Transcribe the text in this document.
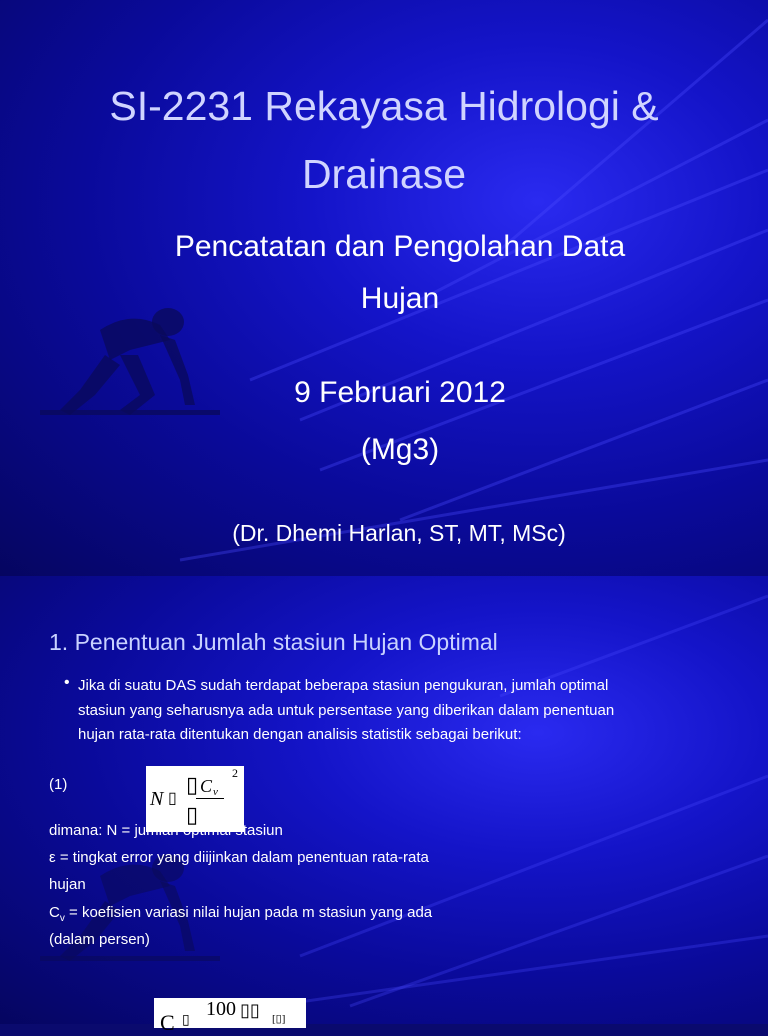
SI-2231 Rekayasa Hidrologi &
Drainase
Pencatatan dan Pengolahan Data
Hujan
9 Februari 2012
(Mg3)
(Dr. Dhemi Harlan, ST, MT, MSc)
1. Penentuan Jumlah stasiun Hujan Optimal
• Jika di suatu DAS sudah terdapat beberapa stasiun pengukuran, jumlah optimal
stasiun yang seharusnya ada untuk persentase yang diberikan dalam penentuan
hujan rata-rata ditentukan dengan analisis statistik sebagai berikut:
(1)
N ▯
▯ C v
2
▯
dimana: N = jumlah optimal stasiun
ε = tingkat error yang diijinkan dalam penentuan rata-rata
hujan
$C_v$ = koefisien variasi nilai hujan pada m stasiun yang ada
(dalam persen)
C ▯
100 ▯▯ [▯]
